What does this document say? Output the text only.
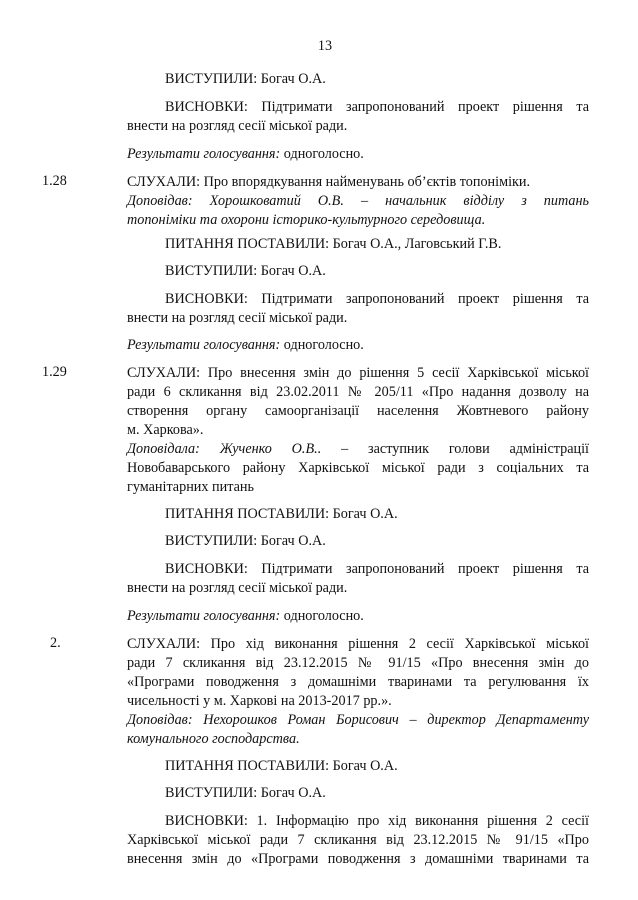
13
ВИСТУПИЛИ: Богач О.А.
ВИСНОВКИ: Підтримати запропонований проект рішення та
внести на розгляд сесії міської ради.
Результати голосування: одноголосно.
1.28	СЛУХАЛИ: Про впорядкування найменувань об’єктів топоніміки.
Доповідав: Хорошковатий О.В. – начальник відділу з питань
топоніміки та охорони історико-культурного середовища.
ПИТАННЯ ПОСТАВИЛИ: Богач О.А., Лаговський Г.В.
ВИСТУПИЛИ: Богач О.А.
ВИСНОВКИ: Підтримати запропонований проект рішення та
внести на розгляд сесії міської ради.
Результати голосування: одноголосно.
1.29	СЛУХАЛИ: Про внесення змін до рішення 5 сесії Харківської міської
ради 6 скликання від 23.02.2011 № 205/11 «Про надання дозволу на
створення органу самоорганізації населення Жовтневого району
м. Харкова».
Доповідала: Жученко О.В.. – заступник голови адміністрації
Новобаварського району Харківської міської ради з соціальних та
гуманітарних питань
ПИТАННЯ ПОСТАВИЛИ: Богач О.А.
ВИСТУПИЛИ: Богач О.А.
ВИСНОВКИ: Підтримати запропонований проект рішення та
внести на розгляд сесії міської ради.
Результати голосування: одноголосно.
2.	СЛУХАЛИ: Про хід виконання рішення 2 сесії Харківської міської
ради 7 скликання від 23.12.2015 № 91/15 «Про внесення змін до
«Програми поводження з домашніми тваринами та регулювання їх
чисельності у м. Харкові на 2013-2017 рр.».
Доповідав: Нехорошков Роман Борисович – директор Департаменту
комунального господарства.
ПИТАННЯ ПОСТАВИЛИ: Богач О.А.
ВИСТУПИЛИ: Богач О.А.
ВИСНОВКИ: 1. Інформацію про хід виконання рішення 2 сесії
Харківської міської ради 7 скликання від 23.12.2015 № 91/15 «Про
внесення змін до «Програми поводження з домашніми тваринами та
